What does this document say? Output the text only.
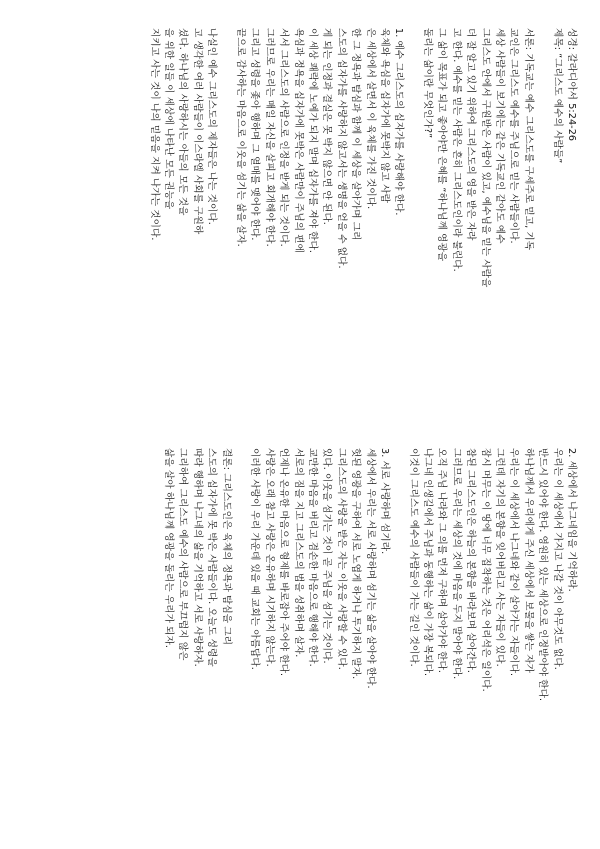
성경: 갈라디아서 5:24-26
제목: “그리스도 예수의 사람들”
서론: 기독교는 예수 그리스도를 구세주로 믿고, 기독
교인은 그리스도 예수를 주님으로 믿는 사람들이다.
세상 사람들이 보기에는 같은 기독교인 같아도 예수
그리스도 안에서 구원받은 사람이 있고, 예수님을 믿는 사람을
더 잘 알고 있기 위하여 그리스도의 영을 받은 자라
고 한다. 예수를 믿는 사람은 흔히 그리스도인이라 불린다.
그 삶이 목표가 되고 좋아야만 은혜를 “하나님께 영광을
돌리는 삶이란 무엇인가?”
1. 예수 그리스도의 십자가를 사랑해야 한다.
육체와 욕심을 십자가에 못박지 않고 사람
은 세상에서 살면서 이 육체를 가진 것이다.
한 그 정욕과 탐심과 함께 이 세상을 살아가며 그리
스도의 십자가를 사랑하지 않고서는 생명을 얻을 수 없다.
게 되는 인정과 결실은 못 박지 않으면 안 된다.
이 세상 쾌락에 노예가 되지 말며 십자가를 져야 한다.
욕심과 정욕을 십자가에 못박은 사람만이 주님의 편에
서서 그리스도의 사람으로 인정을 받게 되는 것이다.
그러므로 우리는 매일 자신을 살피고 회개해야 한다.
그리고 성령을 좇아 행하며 그 열매를 맺어야 한다.
끝으로 감사하는 마음으로 이웃을 섬기는 삶을 살자.
나실인 예수 그리스도의 제자들은 나는 것이다.
고 생각한 여러 사람들이 이스라엘 사회를 구원하
셨다. 하나님의 사랑하시는 아들의 모든 것을
을 위한 일들 이 세상에 나타난 모든 권능을
지키고 사는 것이 나의 믿음을 지켜 나가는 것이다.
2. 세상에서 나그네임을 기억하라.
우리는 이 세상에서 가지고 나갈 것이 아무것도 없다.
반드시 있어야 한다. 영원히 있는 세상으로 인정받아야 한다.
하나님께서 우리에게 주신 세상에서 보물을 쌓는 자가
우리는 이 세상에서 나그네와 같이 살아가는 자들이다.
그런데 자기의 본향을 잊어버리고 사는 자들이 있다.
잠시 머무는 이 땅에 너무 집착하는 것은 어리석은 일이다.
참된 그리스도인은 하늘의 본향을 바라보며 살아간다.
그러므로 우리는 세상의 것에 마음을 두지 말아야 한다.
오직 주님 나라와 그 의를 먼저 구하며 살아가야 한다.
나그네 인생길에서 주님과 동행하는 삶이 가장 복되다.
이것이 그리스도 예수의 사람들이 가는 길인 것이다.
3. 서로 사랑하며 섬기라.
세상에서 우리는 서로 사랑하며 섬기는 삶을 살아야 한다.
헛된 영광을 구하여 서로 노엽게 하거나 투기하지 말자.
그리스도의 사랑을 받은 자는 이웃을 사랑할 수 있다.
있다. 이웃을 섬기는 것이 곧 주님을 섬기는 것이다.
교만한 마음을 버리고 겸손한 마음으로 행해야 한다.
서로의 짐을 지고 그리스도의 법을 성취하며 살자.
언제나 온유한 마음으로 형제를 바로잡아 주어야 한다.
사랑은 오래 참고 사랑은 온유하며 시기하지 않는다.
이러한 사랑이 우리 가운데 있을 때 교회는 아름답다.
결론: 그리스도인은 육체의 정욕과 탐심을 그리
스도의 십자가에 못 박은 사람들이다. 오늘도 성령을
따라 행하며 나그네의 삶을 기억하고 서로 사랑하자.
그리하여 그리스도 예수의 사람으로 부끄럽지 않은
삶을 살아 하나님께 영광을 돌리는 우리가 되자.
